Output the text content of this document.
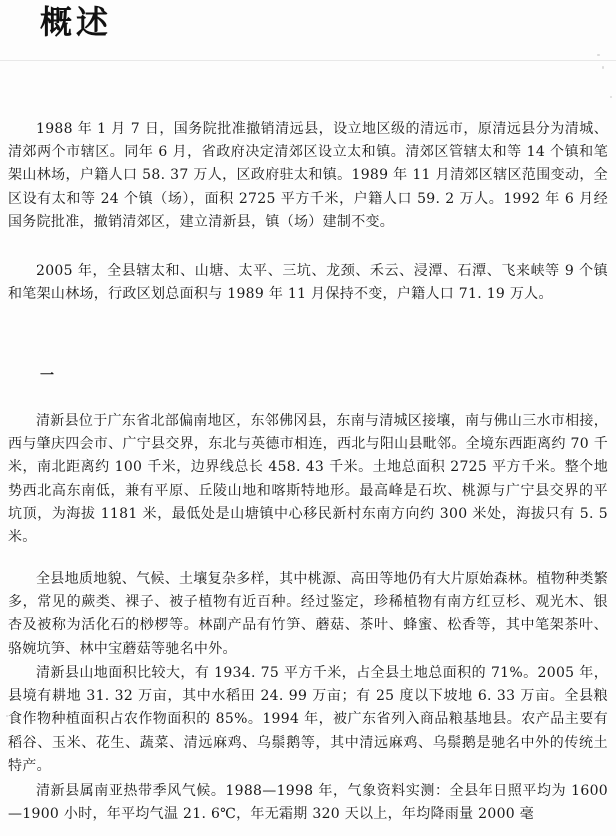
概述

1988 年 1 月 7 日，国务院批准撤销清远县，设立地区级的清远市，原清远县分为清城、清郊两个市辖区。同年 6 月，省政府决定清郊区设立太和镇。清郊区管辖太和等 14 个镇和笔架山林场，户籍人口 58. 37 万人，区政府驻太和镇。1989 年 11 月清郊区辖区范围变动，全区设有太和等 24 个镇（场），面积 2725 平方千米，户籍人口 59. 2 万人。1992 年 6 月经国务院批准，撤销清郊区，建立清新县，镇（场）建制不变。

2005 年，全县辖太和、山塘、太平、三坑、龙颈、禾云、浸潭、石潭、飞来峡等 9 个镇和笔架山林场，行政区划总面积与 1989 年 11 月保持不变，户籍人口 71. 19 万人。

一

清新县位于广东省北部偏南地区，东邻佛冈县，东南与清城区接壤，南与佛山三水市相接，西与肇庆四会市、广宁县交界，东北与英德市相连，西北与阳山县毗邻。全境东西距离约 70 千米，南北距离约 100 千米，边界线总长 458. 43 千米。土地总面积 2725 平方千米。整个地势西北高东南低，兼有平原、丘陵山地和喀斯特地形。最高峰是石坎、桃源与广宁县交界的平坑顶，为海拔 1181 米，最低处是山塘镇中心移民新村东南方向约 300 米处，海拔只有 5. 5 米。

全县地质地貌、气候、土壤复杂多样，其中桃源、高田等地仍有大片原始森林。植物种类繁多，常见的蕨类、裸子、被子植物有近百种。经过鉴定，珍稀植物有南方红豆杉、观光木、银杏及被称为活化石的桫椤等。林副产品有竹笋、蘑菇、茶叶、蜂蜜、松香等，其中笔架茶叶、骆婉坑笋、林中宝蘑菇等驰名中外。

清新县山地面积比较大，有 1934. 75 平方千米，占全县土地总面积的 71%。2005 年，县境有耕地 31. 32 万亩，其中水稻田 24. 99 万亩；有 25 度以下坡地 6. 33 万亩。全县粮食作物种植面积占农作物面积的 85%。1994 年，被广东省列入商品粮基地县。农产品主要有稻谷、玉米、花生、蔬菜、清远麻鸡、乌鬃鹅等，其中清远麻鸡、乌鬃鹅是驰名中外的传统土特产。

清新县属南亚热带季风气候。1988—1998 年，气象资料实测：全县年日照平均为 1600—1900 小时，年平均气温 21. 6℃，年无霜期 320 天以上，年均降雨量 2000 毫
